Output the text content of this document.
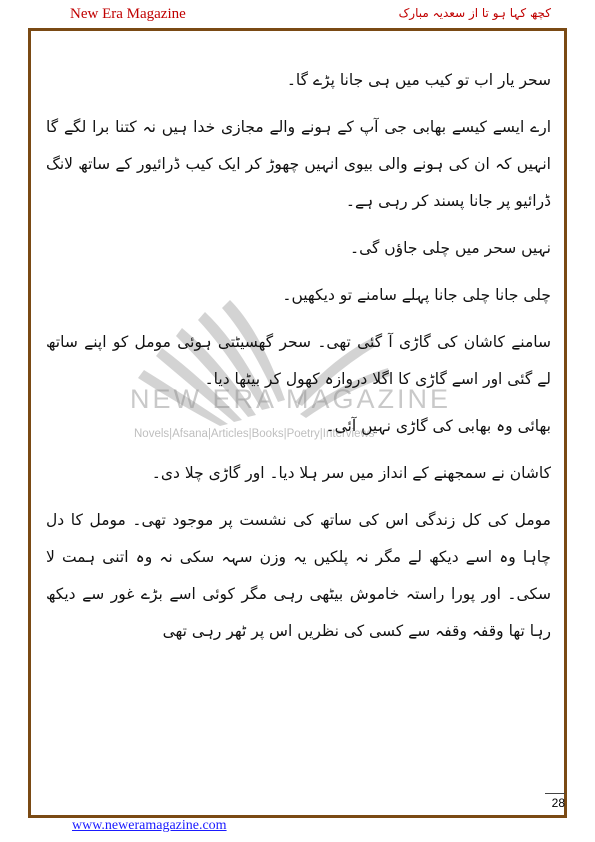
New Era Magazine	کچھ کہا ہو تا از سعدیہ مبارک
NEW ERA MAGAZINE
Novels|Afsana|Articles|Books|Poetry|Interviews

سحر یار اب تو کیب میں ہی جانا پڑے گا۔

ارے ایسے کیسے بھابی جی آپ کے ہونے والے مجازی خدا ہیں نہ کتنا برا لگے گا انہیں کہ ان کی ہونے والی بیوی انہیں چھوڑ کر ایک کیب ڈرائیور کے ساتھ لانگ ڈرائیو پر جانا پسند کر رہی ہے۔

نہیں سحر میں چلی جاؤں گی۔

چلی جانا چلی جانا پہلے سامنے تو دیکھیں۔

سامنے کاشان کی گاڑی آ گئی تھی۔ سحر گھسیٹتی ہوئی مومل کو اپنے ساتھ لے گئی اور اسے گاڑی کا اگلا دروازہ کھول کر بیٹھا دیا۔

بھائی وہ بھابی کی گاڑی نہیں آئی۔

کاشان نے سمجھنے کے انداز میں سر ہلا دیا۔ اور گاڑی چلا دی۔

مومل کی کل زندگی اس کی ساتھ کی نشست پر موجود تھی۔ مومل کا دل چاہا وہ اسے دیکھ لے مگر نہ پلکیں یہ وزن سہہ سکی نہ وہ اتنی ہمت لا سکی۔ اور پورا راستہ خاموش بیٹھی رہی مگر کوئی اسے بڑے غور سے دیکھ رہا تھا وقفہ وقفہ سے کسی کی نظریں اس پر ٹھر رہی تھی

28
www.neweramagazine.com
